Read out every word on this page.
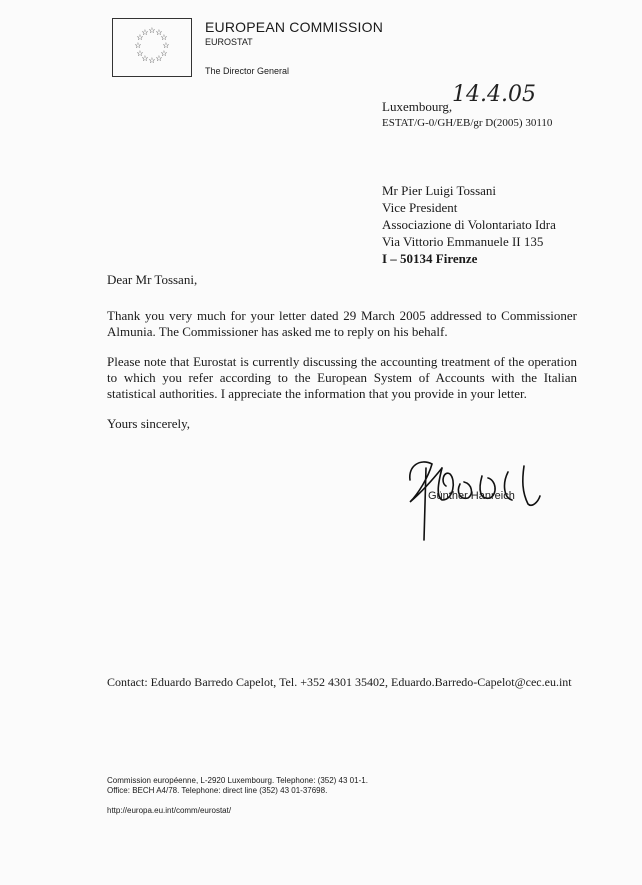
☆ ☆
☆
☆
☆
☆
☆
☆
☆
☆
☆
☆	EUROPEAN COMMISSION
EUROSTAT
The Director General
Luxembourg, 14.4.05
ESTAT/G-0/GH/EB/gr D(2005) 30110
Mr Pier Luigi Tossani
Vice President
Associazione di Volontariato Idra
Via Vittorio Emmanuele II 135
I – 50134 Firenze
Dear Mr Tossani,
Thank you very much for your letter dated 29 March 2005 addressed to Commissioner Almunia. The Commissioner has asked me to reply on his behalf.
Please note that Eurostat is currently discussing the accounting treatment of the operation to which you refer according to the European System of Accounts with the Italian statistical authorities. I appreciate the information that you provide in your letter.
Yours sincerely,
Günther Hanreich
Contact: Eduardo Barredo Capelot, Tel. +352 4301 35402, Eduardo.Barredo-Capelot@cec.eu.int
Commission européenne, L-2920 Luxembourg. Telephone: (352) 43 01-1.
Office: BECH A4/78. Telephone: direct line (352) 43 01-37698.
http://europa.eu.int/comm/eurostat/
